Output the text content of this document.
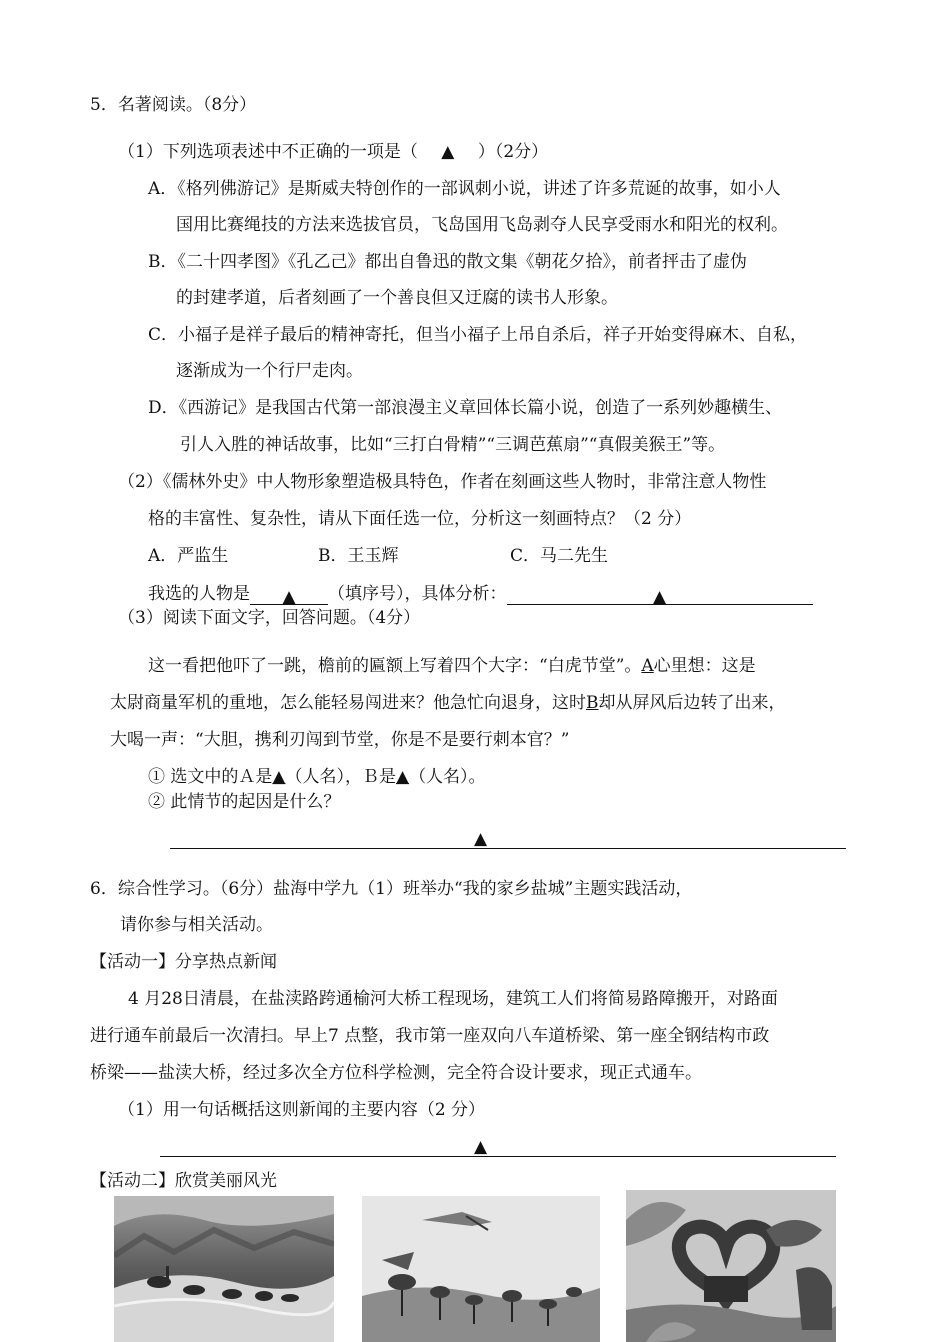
5．名著阅读。（8分）
（1）下列选项表述中不正确的一项是（ ▲ ）（2分）
A．《格列佛游记》是斯威夫特创作的一部讽刺小说，讲述了许多荒诞的故事，如小人
国用比赛绳技的方法来选拔官员，飞岛国用飞岛剥夺人民享受雨水和阳光的权利。
B．《二十四孝图》《孔乙己》都出自鲁迅的散文集《朝花夕拾》，前者抨击了虚伪
的封建孝道，后者刻画了一个善良但又迂腐的读书人形象。
C．小福子是祥子最后的精神寄托，但当小福子上吊自杀后，祥子开始变得麻木、自私，
逐渐成为一个行尸走肉。
D．《西游记》是我国古代第一部浪漫主义章回体长篇小说，创造了一系列妙趣横生、
引人入胜的神话故事，比如“三打白骨精”“三调芭蕉扇”“真假美猴王”等。
（2）《儒林外史》中人物形象塑造极具特色，作者在刻画这些人物时，非常注意人物性
格的丰富性、复杂性，请从下面任选一位，分析这一刻画特点？（2 分）
A．严监生	B．王玉辉	C．马二先生
我选的人物是 ▲ （填序号），具体分析：	▲
（3）阅读下面文字，回答问题。（4分）
这一看把他吓了一跳，檐前的匾额上写着四个大字：“白虎节堂”。A心里想：这是
太尉商量军机的重地，怎么能轻易闯进来？他急忙向退身，这时B却从屏风后边转了出来，
大喝一声：“大胆，携利刃闯到节堂，你是不是要行刺本官？”
① 选文中的Ａ是▲（人名），Ｂ是▲（人名）。
② 此情节的起因是什么？
▲
6．综合性学习。（6分）盐海中学九（1）班举办“我的家乡盐城”主题实践活动，
请你参与相关活动。
【活动一】分享热点新闻
4 月28日清晨，在盐渎路跨通榆河大桥工程现场，建筑工人们将简易路障搬开，对路面
进行通车前最后一次清扫。早上7 点整，我市第一座双向八车道桥梁、第一座全钢结构市政
桥梁——盐渎大桥，经过多次全方位科学检测，完全符合设计要求，现正式通车。
（1）用一句话概括这则新闻的主要内容（2 分）
▲
【活动二】欣赏美丽风光
